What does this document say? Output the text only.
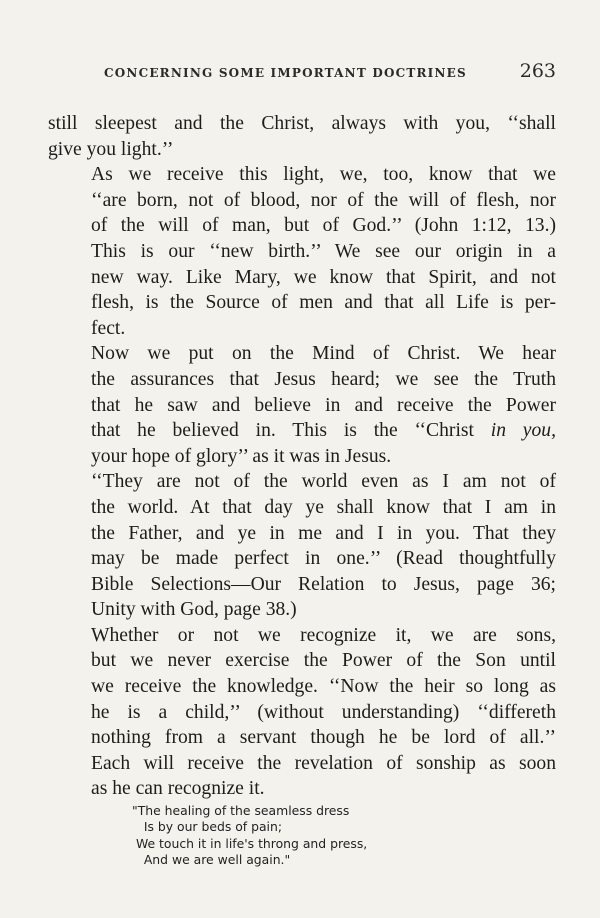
CONCERNING SOME IMPORTANT DOCTRINES	263

still sleepest and the Christ, always with you, ‘‘shall
give you light.’’

As we receive this light, we, too, know that we
‘‘are born, not of blood, nor of the will of flesh, nor
of the will of man, but of God.’’ (John 1:12, 13.)
This is our ‘‘new birth.’’ We see our origin in a
new way. Like Mary, we know that Spirit, and not
flesh, is the Source of men and that all Life is per-
fect.

Now we put on the Mind of Christ. We hear
the assurances that Jesus heard; we see the Truth
that he saw and believe in and receive the Power
that he believed in. This is the ‘‘Christ in you,
your hope of glory’’ as it was in Jesus.

‘‘They are not of the world even as I am not of
the world. At that day ye shall know that I am in
the Father, and ye in me and I in you. That they
may be made perfect in one.’’ (Read thoughtfully
Bible Selections—Our Relation to Jesus, page 36;
Unity with God, page 38.)

Whether or not we recognize it, we are sons,
but we never exercise the Power of the Son until
we receive the knowledge. ‘‘Now the heir so long as
he is a child,’’ (without understanding) ‘‘differeth
nothing from a servant though he be lord of all.’’
Each will receive the revelation of sonship as soon
as he can recognize it.

"The healing of the seamless dress
Is by our beds of pain;
We touch it in life's throng and press,
And we are well again."
